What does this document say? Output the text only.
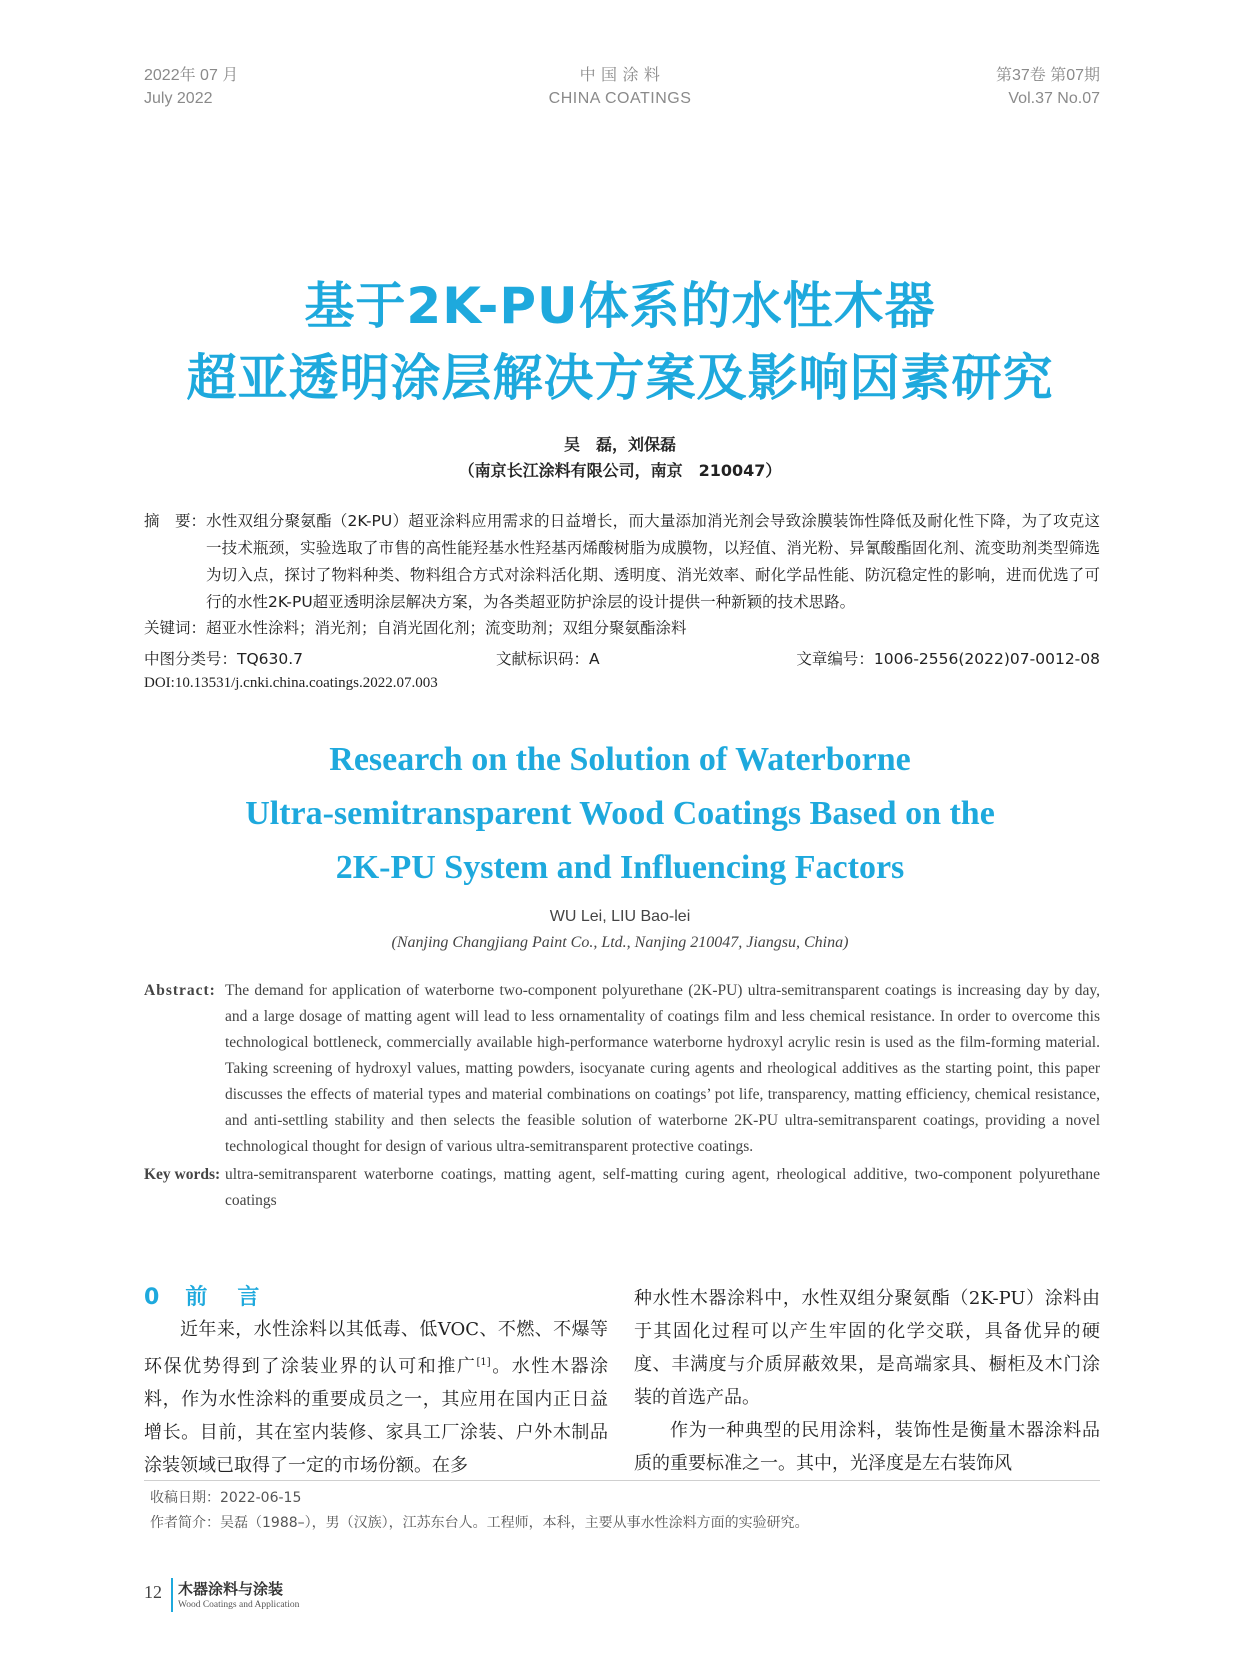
2022年 07 月
July 2022
中 国 涂 料
CHINA COATINGS
第37卷 第07期
Vol.37 No.07
基于2K-PU体系的水性木器
超亚透明涂层解决方案及影响因素研究
吴　磊，刘保磊
（南京长江涂料有限公司，南京　210047）
摘　要： 水性双组分聚氨酯（2K-PU）超亚涂料应用需求的日益增长，而大量添加消光剂会导致涂膜装饰性降低及耐化性下降，为了攻克这一技术瓶颈，实验选取了市售的高性能羟基水性羟基丙烯酸树脂为成膜物，以羟值、消光粉、异氰酸酯固化剂、流变助剂类型筛选为切入点，探讨了物料种类、物料组合方式对涂料活化期、透明度、消光效率、耐化学品性能、防沉稳定性的影响，进而优选了可行的水性2K-PU超亚透明涂层解决方案，为各类超亚防护涂层的设计提供一种新颖的技术思路。
关键词：超亚水性涂料；消光剂；自消光固化剂；流变助剂；双组分聚氨酯涂料
中图分类号：TQ630.7	文献标识码：A	文章编号：1006-2556(2022)07-0012-08
DOI:10.13531/j.cnki.china.coatings.2022.07.003
Research on the Solution of Waterborne
Ultra-semitransparent Wood Coatings Based on the
2K-PU System and Influencing Factors
WU Lei, LIU Bao-lei
(Nanjing Changjiang Paint Co., Ltd., Nanjing 210047, Jiangsu, China)
Abstract: The demand for application of waterborne two-component polyurethane (2K-PU) ultra-semitransparent coatings is increasing day by day, and a large dosage of matting agent will lead to less ornamentality of coatings film and less chemical resistance. In order to overcome this technological bottleneck, commercially available high-performance waterborne hydroxyl acrylic resin is used as the film-forming material. Taking screening of hydroxyl values, matting powders, isocyanate curing agents and rheological additives as the starting point, this paper discusses the effects of material types and material combinations on coatings’ pot life, transparency, matting efficiency, chemical resistance, and anti-settling stability and then selects the feasible solution of waterborne 2K-PU ultra-semitransparent coatings, providing a novel technological thought for design of various ultra-semitransparent protective coatings.
Key words: ultra-semitransparent waterborne coatings, matting agent, self-matting curing agent, rheological additive, two-component polyurethane coatings
0 前　言

近年来，水性涂料以其低毒、低VOC、不燃、不爆等环保优势得到了涂装业界的认可和推广[1]。水性木器涂料，作为水性涂料的重要成员之一，其应用在国内正日益增长。目前，其在室内装修、家具工厂涂装、户外木制品涂装领域已取得了一定的市场份额。在多

种水性木器涂料中，水性双组分聚氨酯（2K-PU）涂料由于其固化过程可以产生牢固的化学交联，具备优异的硬度、丰满度与介质屏蔽效果，是高端家具、橱柜及木门涂装的首选产品。

作为一种典型的民用涂料，装饰性是衡量木器涂料品质的重要标准之一。其中，光泽度是左右装饰风

收稿日期：2022-06-15
作者简介：吴磊（1988–），男（汉族），江苏东台人。工程师，本科，主要从事水性涂料方面的实验研究。
12 木器涂料与涂装
Wood Coatings and Application
